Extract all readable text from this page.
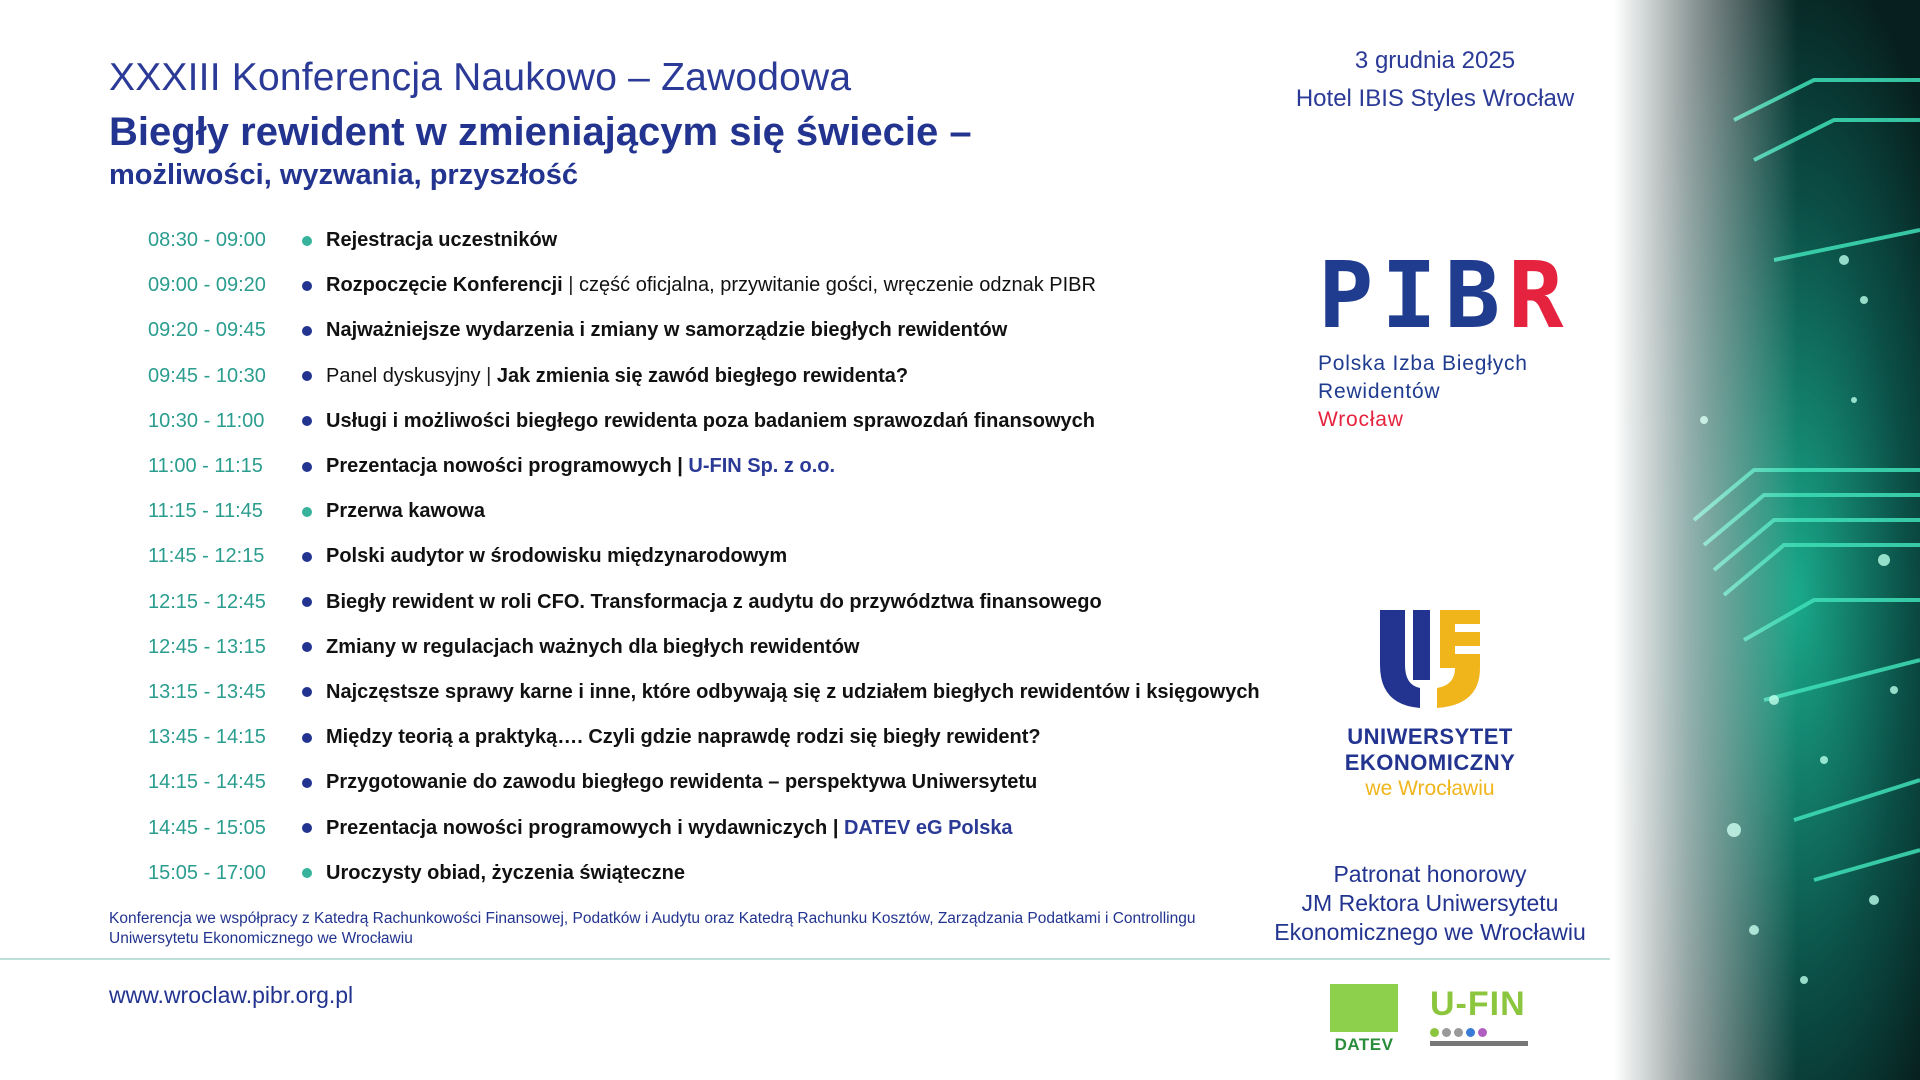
XXXIII Konferencja Naukowo – Zawodowa
Biegły rewident w zmieniającym się świecie –
możliwości, wyzwania, przyszłość
08:30 - 09:00	Rejestracja uczestników
09:00 - 09:20	Rozpoczęcie Konferencji | część oficjalna, przywitanie gości, wręczenie odznak PIBR
09:20 - 09:45	Najważniejsze wydarzenia i zmiany w samorządzie biegłych rewidentów
09:45 - 10:30	Panel dyskusyjny | Jak zmienia się zawód biegłego rewidenta?
10:30 - 11:00	Usługi i możliwości biegłego rewidenta poza badaniem sprawozdań finansowych
11:00 - 11:15	Prezentacja nowości programowych | U-FIN Sp. z o.o.
11:15 - 11:45	Przerwa kawowa
11:45 - 12:15	Polski audytor w środowisku międzynarodowym
12:15 - 12:45	Biegły rewident w roli CFO. Transformacja z audytu do przywództwa finansowego
12:45 - 13:15	Zmiany w regulacjach ważnych dla biegłych rewidentów
13:15 - 13:45	Najczęstsze sprawy karne i inne, które odbywają się z udziałem biegłych rewidentów i księgowych
13:45 - 14:15	Między teorią a praktyką…. Czyli gdzie naprawdę rodzi się biegły rewident?
14:15 - 14:45	Przygotowanie do zawodu biegłego rewidenta – perspektywa Uniwersytetu
14:45 - 15:05	Prezentacja nowości programowych i wydawniczych | DATEV eG Polska
15:05 - 17:00	Uroczysty obiad, życzenia świąteczne
Konferencja we współpracy z Katedrą Rachunkowości Finansowej, Podatków i Audytu oraz Katedrą Rachunku Kosztów, Zarządzania Podatkami i Controllingu Uniwersytetu Ekonomicznego we Wrocławiu
www.wroclaw.pibr.org.pl
3 grudnia 2025
Hotel IBIS Styles Wrocław
PIBR
Polska Izba Biegłych
Rewidentów
Wrocław
UNIWERSYTET
EKONOMICZNY
we Wrocławiu
Patronat honorowy
JM Rektora Uniwersytetu
Ekonomicznego we Wrocławiu
DATEV
U-FIN
